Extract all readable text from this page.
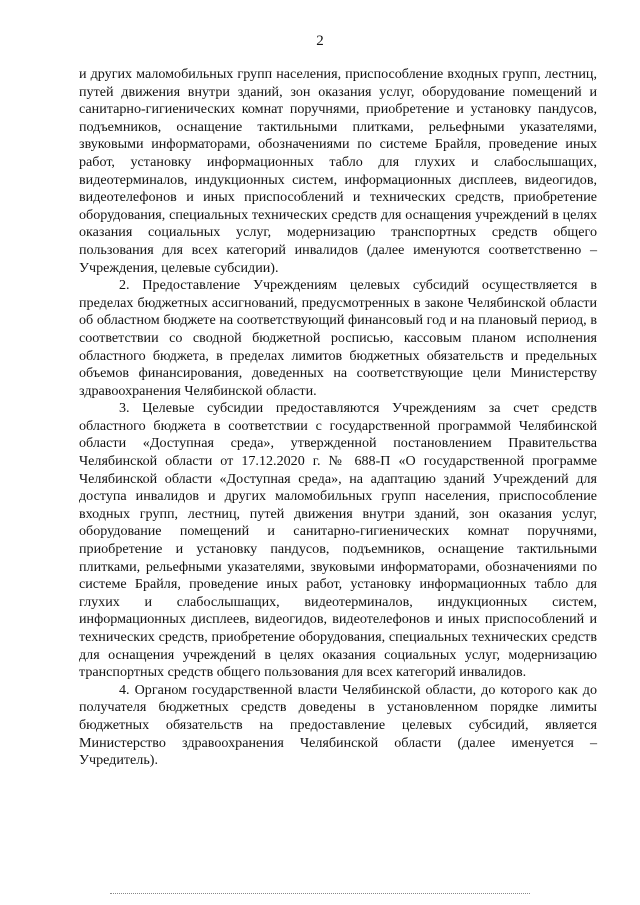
2

и других маломобильных групп населения, приспособление входных групп, лестниц, путей движения внутри зданий, зон оказания услуг, оборудование помещений и санитарно-гигиенических комнат поручнями, приобретение и установку пандусов, подъемников, оснащение тактильными плитками, рельефными указателями, звуковыми информаторами, обозначениями по системе Брайля, проведение иных работ, установку информационных табло для глухих и слабослышащих, видеотерминалов, индукционных систем, информационных дисплеев, видеогидов, видеотелефонов и иных приспособлений и технических средств, приобретение оборудования, специальных технических средств для оснащения учреждений в целях оказания социальных услуг, модернизацию транспортных средств общего пользования для всех категорий инвалидов (далее именуются соответственно – Учреждения, целевые субсидии).

2. Предоставление Учреждениям целевых субсидий осуществляется в пределах бюджетных ассигнований, предусмотренных в законе Челябинской области об областном бюджете на соответствующий финансовый год и на плановый период, в соответствии со сводной бюджетной росписью, кассовым планом исполнения областного бюджета, в пределах лимитов бюджетных обязательств и предельных объемов финансирования, доведенных на соответствующие цели Министерству здравоохранения Челябинской области.

3. Целевые субсидии предоставляются Учреждениям за счет средств областного бюджета в соответствии с государственной программой Челябинской области «Доступная среда», утвержденной постановлением Правительства Челябинской области от 17.12.2020 г. № 688-П «О государственной программе Челябинской области «Доступная среда», на адаптацию зданий Учреждений для доступа инвалидов и других маломобильных групп населения, приспособление входных групп, лестниц, путей движения внутри зданий, зон оказания услуг, оборудование помещений и санитарно-гигиенических комнат поручнями, приобретение и установку пандусов, подъемников, оснащение тактильными плитками, рельефными указателями, звуковыми информаторами, обозначениями по системе Брайля, проведение иных работ, установку информационных табло для глухих и слабослышащих, видеотерминалов, индукционных систем, информационных дисплеев, видеогидов, видеотелефонов и иных приспособлений и технических средств, приобретение оборудования, специальных технических средств для оснащения учреждений в целях оказания социальных услуг, модернизацию транспортных средств общего пользования для всех категорий инвалидов.

4. Органом государственной власти Челябинской области, до которого как до получателя бюджетных средств доведены в установленном порядке лимиты бюджетных обязательств на предоставление целевых субсидий, является Министерство здравоохранения Челябинской области (далее именуется – Учредитель).
